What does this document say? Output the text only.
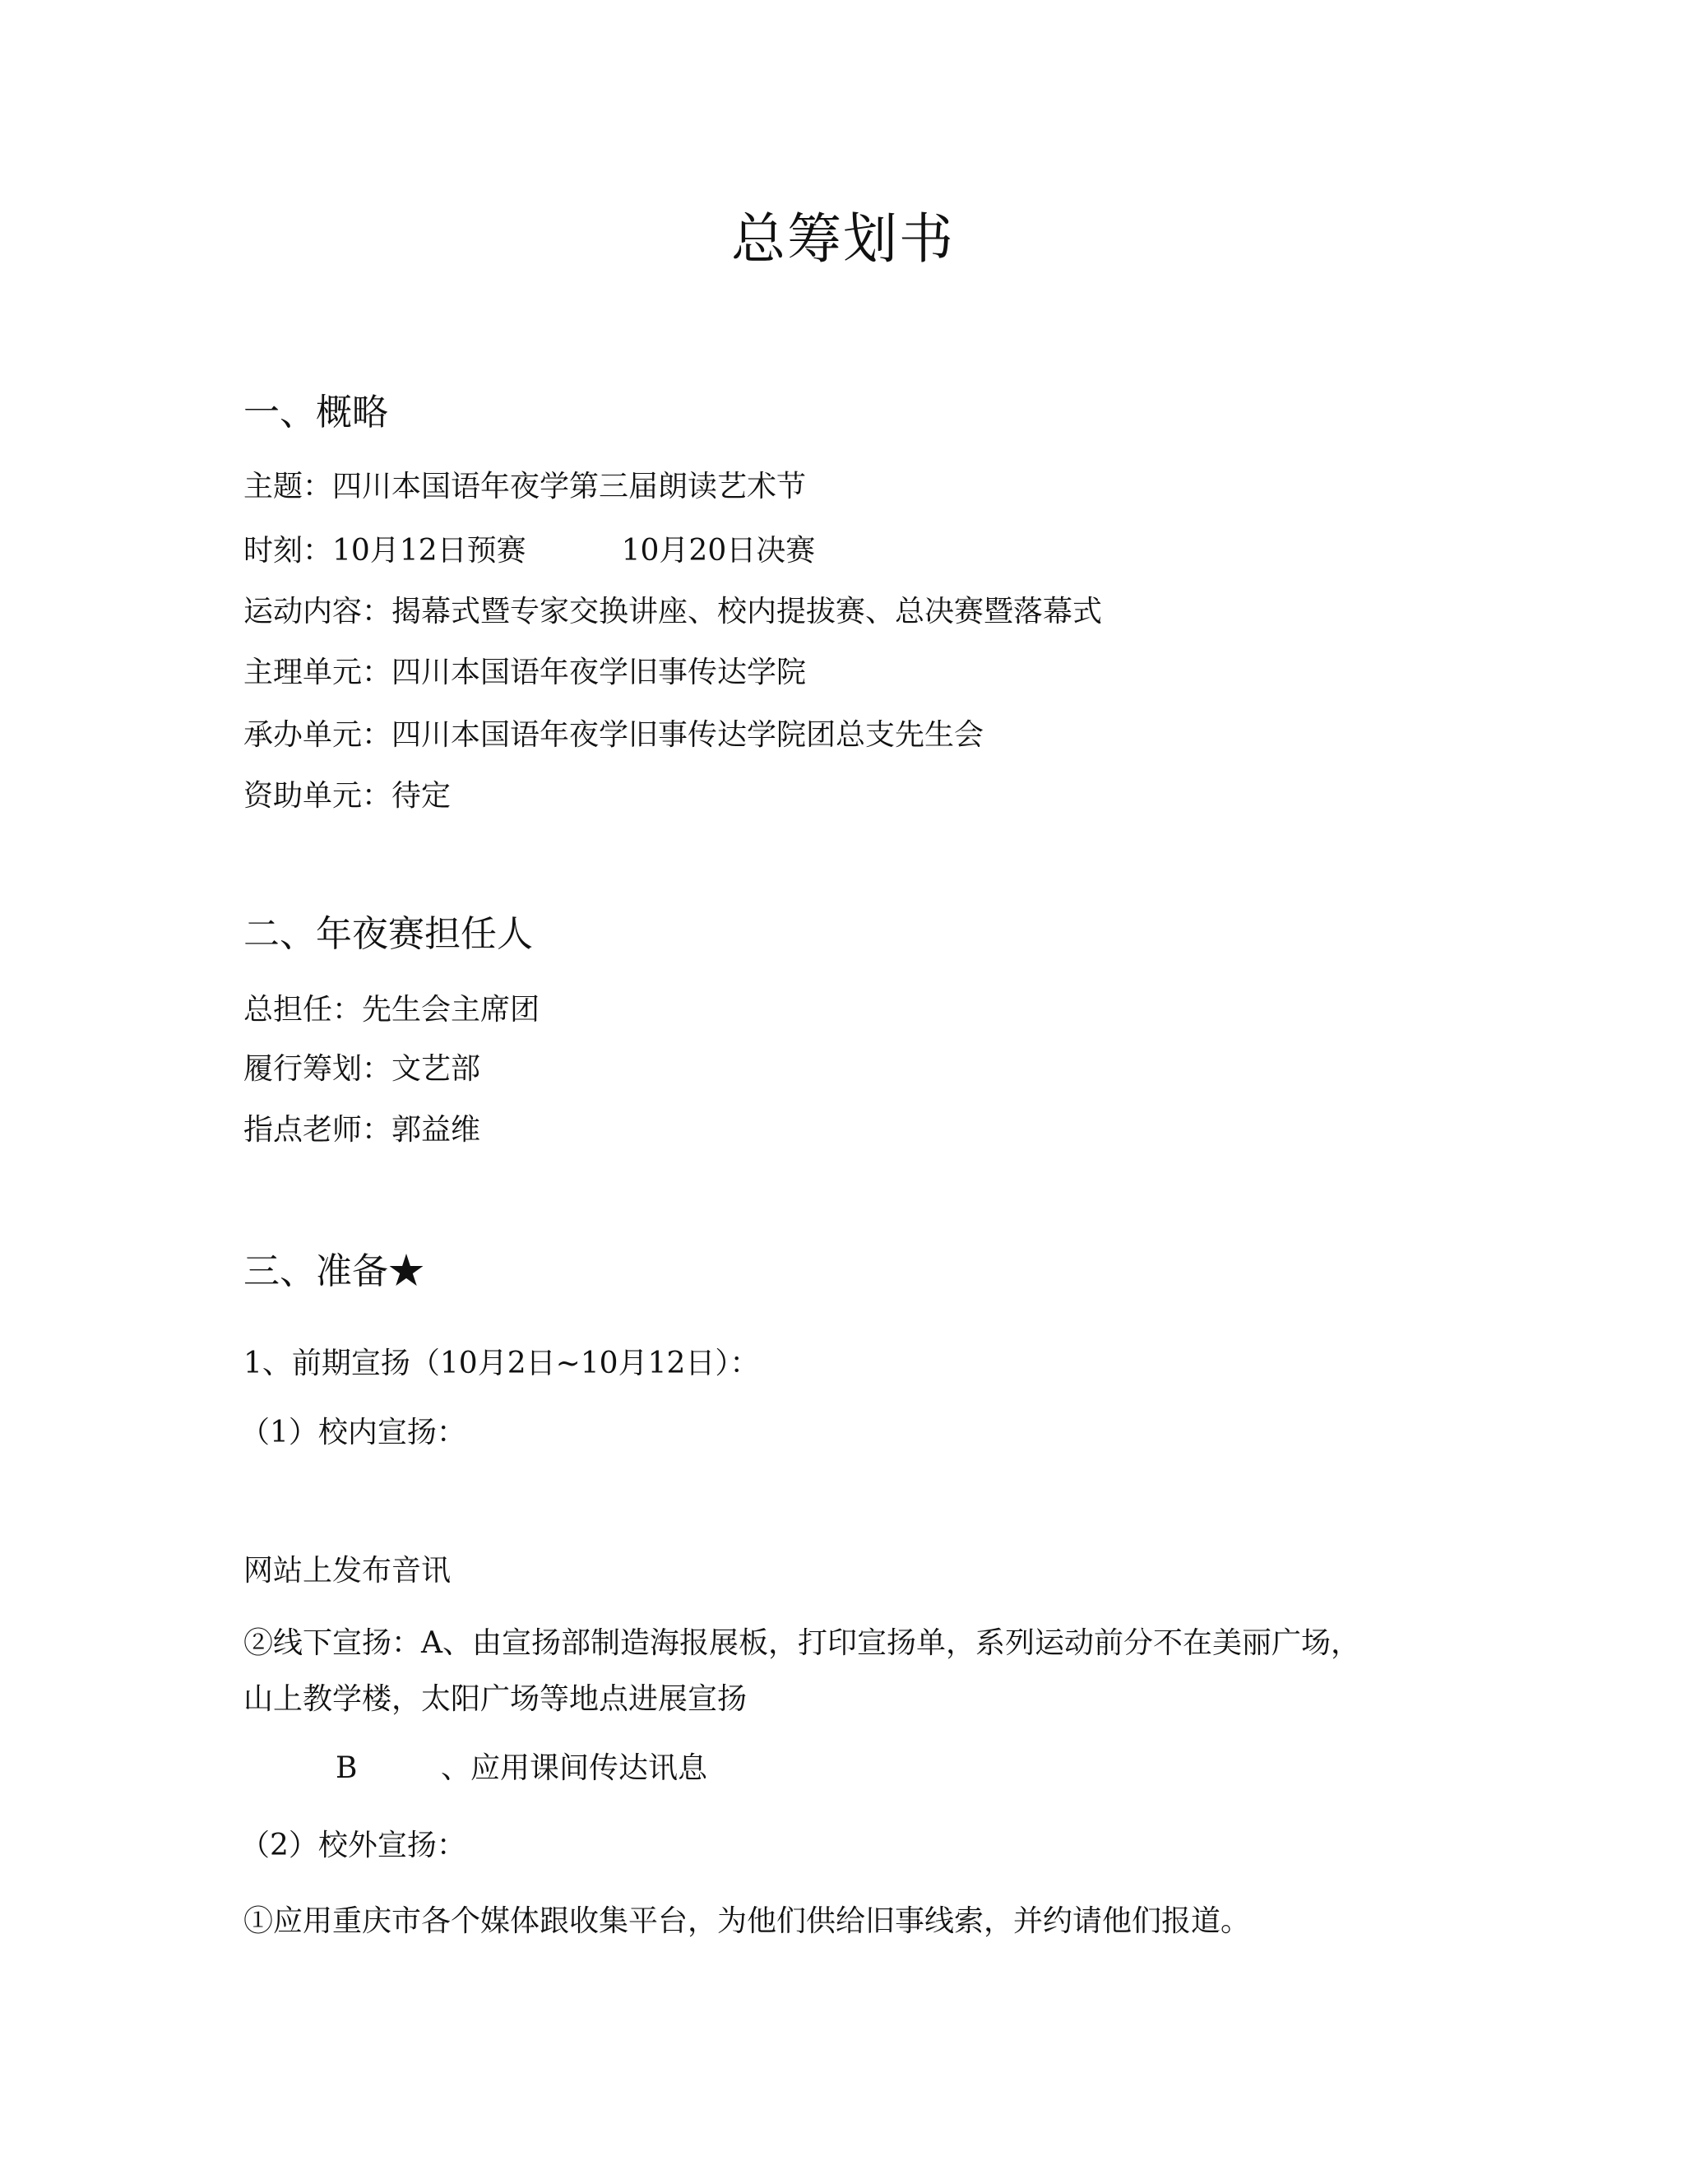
总筹划书
一、概略
主题：四川本国语年夜学第三届朗读艺术节
时刻：10月12日预赛	10月20日决赛
运动内容：揭幕式暨专家交换讲座、校内提拔赛、总决赛暨落幕式
主理单元：四川本国语年夜学旧事传达学院
承办单元：四川本国语年夜学旧事传达学院团总支先生会
资助单元：待定
二、年夜赛担任人
总担任：先生会主席团
履行筹划：文艺部
指点老师：郭益维
三、准备★
1、前期宣扬（10月2日~10月12日）：
（1）校内宣扬：
网站上发布音讯
②线下宣扬：A、由宣扬部制造海报展板，打印宣扬单，系列运动前分不在美丽广场，
山上教学楼，太阳广场等地点进展宣扬
B	、应用课间传达讯息
（2）校外宣扬：
①应用重庆市各个媒体跟收集平台，为他们供给旧事线索，并约请他们报道。
